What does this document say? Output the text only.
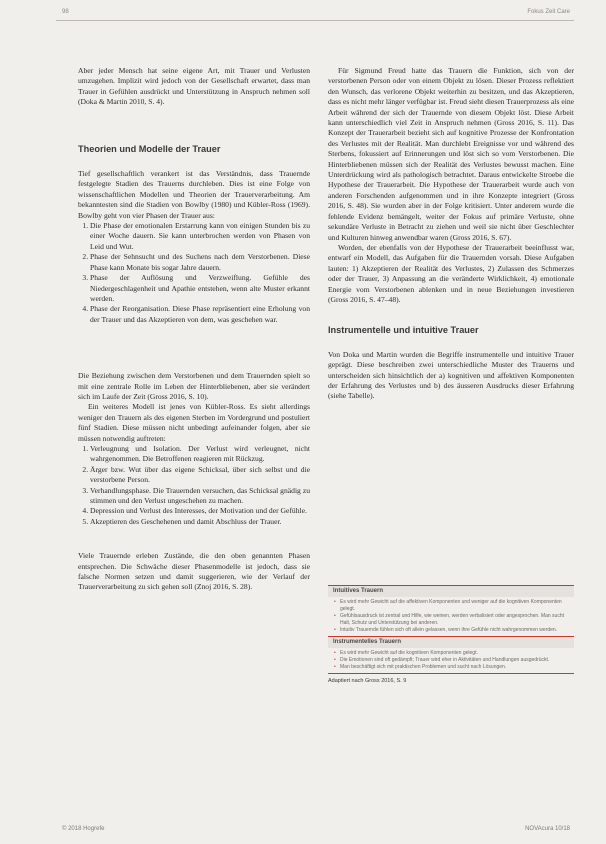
98	Fokus Zeit Care

Aber jeder Mensch hat seine eigene Art, mit Trauer und Verlusten umzugehen. Implizit wird jedoch von der Gesellschaft erwartet, dass man Trauer in Gefühlen ausdrückt und Unterstützung in Anspruch nehmen soll (Doka & Martin 2010, S. 4).

Theorien und Modelle der Trauer

Tief gesellschaftlich verankert ist das Verständnis, dass Trauernde festgelegte Stadien des Trauerns durchleben. Dies ist eine Folge von wissenschaftlichen Modellen und Theorien der Trauerverarbeitung. Am bekanntesten sind die Stadien von Bowlby (1980) und Kübler-Ross (1969). Bowlby geht von vier Phasen der Trauer aus:

1. Die Phase der emotionalen Erstarrung kann von einigen Stunden bis zu einer Woche dauern. Sie kann unterbrochen werden von Phasen von Leid und Wut.
2. Phase der Sehnsucht und des Suchens nach dem Verstorbenen. Diese Phase kann Monate bis sogar Jahre dauern.
3. Phase der Auflösung und Verzweiflung. Gefühle des Niedergeschlagenheit und Apathie entstehen, wenn alte Muster erkannt werden.
4. Phase der Reorganisation. Diese Phase repräsentiert eine Erholung von der Trauer und das Akzeptieren von dem, was geschehen war.

Die Beziehung zwischen dem Verstorbenen und dem Trauernden spielt so mit eine zentrale Rolle im Leben der Hinterbliebenen, aber sie verändert sich im Laufe der Zeit (Gross 2016, S. 10).

Ein weiteres Modell ist jenes von Kübler-Ross. Es sieht allerdings weniger den Trauern als des eigenen Sterben im Vordergrund und postuliert fünf Stadien. Diese müssen nicht unbedingt aufeinander folgen, aber sie müssen notwendig auftreten:

1. Verleugnung und Isolation. Der Verlust wird verleugnet, nicht wahrgenommen. Die Betroffenen reagieren mit Rückzug.
2. Ärger bzw. Wut über das eigene Schicksal, über sich selbst und die verstorbene Person.
3. Verhandlungsphase. Die Trauernden versuchen, das Schicksal gnädig zu stimmen und den Verlust ungeschehen zu machen.
4. Depression und Verlust des Interesses, der Motivation und der Gefühle.
5. Akzeptieren des Geschehenen und damit Abschluss der Trauer.

Viele Trauernde erleben Zustände, die den oben genannten Phasen entsprechen. Die Schwäche dieser Phasenmodelle ist jedoch, dass sie falsche Normen setzen und damit suggerieren, wie der Verlauf der Trauerverarbeitung zu sich gehen soll (Znoj 2016, S. 28).

Für Sigmund Freud hatte das Trauern die Funktion, sich von der verstorbenen Person oder von einem Objekt zu lösen. Dieser Prozess reflektiert den Wunsch, das verlorene Objekt weiterhin zu besitzen, und das Akzeptieren, dass es nicht mehr länger verfügbar ist. Freud sieht diesen Trauerprozess als eine Arbeit während der sich der Trauernde von diesem Objekt löst. Diese Arbeit kann unterschiedlich viel Zeit in Anspruch nehmen (Gross 2016, S. 11). Das Konzept der Trauerarbeit bezieht sich auf kognitive Prozesse der Konfrontation des Verlustes mit der Realität. Man durchlebt Ereignisse vor und während des Sterbens, fokussiert auf Erinnerungen und löst sich so vom Verstorbenen. Die Hinterbliebenen müssen sich der Realität des Verlustes bewusst machen. Eine Unterdrückung wird als pathologisch betrachtet. Daraus entwickelte Stroebe die Hypothese der Trauerarbeit. Die Hypothese der Trauerarbeit wurde auch von anderen Forschenden aufgenommen und in ihre Konzepte integriert (Gross 2016, S. 48). Sie wurden aber in der Folge kritisiert. Unter anderem wurde die fehlende Evidenz bemängelt, weiter der Fokus auf primäre Verluste, ohne sekundäre Verluste in Betracht zu ziehen und weil sie nicht über Geschlechter und Kulturen hinweg anwendbar waren (Gross 2016, S. 67).

Worden, der ebenfalls von der Hypothese der Trauerarbeit beeinflusst war, entwarf ein Modell, das Aufgaben für die Trauernden vorsah. Diese Aufgaben lauten: 1) Akzeptieren der Realität des Verlustes, 2) Zulassen des Schmerzes oder der Trauer, 3) Anpassung an die veränderte Wirklichkeit, 4) emotionale Energie vom Verstorbenen ablenken und in neue Beziehungen investieren (Gross 2016, S. 47–48).

Instrumentelle und intuitive Trauer

Von Doka und Martin wurden die Begriffe instrumentelle und intuitive Trauer geprägt. Diese beschreiben zwei unterschiedliche Muster des Trauerns und unterscheiden sich hinsichtlich der a) kognitiven und affektiven Komponenten der Erfahrung des Verlustes und b) des äusseren Ausdrucks dieser Erfahrung (siehe Tabelle).

Intuitives Trauern
• Es wird mehr Gewicht auf die affektiven Komponenten und weniger auf die kognitiven Komponenten gelegt.
• Gefühlsausdruck ist zentral und Hilfe, wie weinen, werden verbalisiert oder angesprochen. Man sucht Halt, Schutz und Unterstützung bei anderen.
• Intuitiv Trauernde fühlen sich oft allein gelassen, wenn ihre Gefühle nicht wahrgenommen werden.
Instrumentelles Trauern
• Es wird mehr Gewicht auf die kognitiven Komponenten gelegt.
• Die Emotionen sind oft gedämpft; Trauer wird eher in Aktivitäten und Handlungen ausgedrückt.
• Man beschäftigt sich mit praktischen Problemen und sucht nach Lösungen.
Adaptiert nach Gross 2016, S. 9
© 2018 Hogrefe	NOVAcura 10/18
